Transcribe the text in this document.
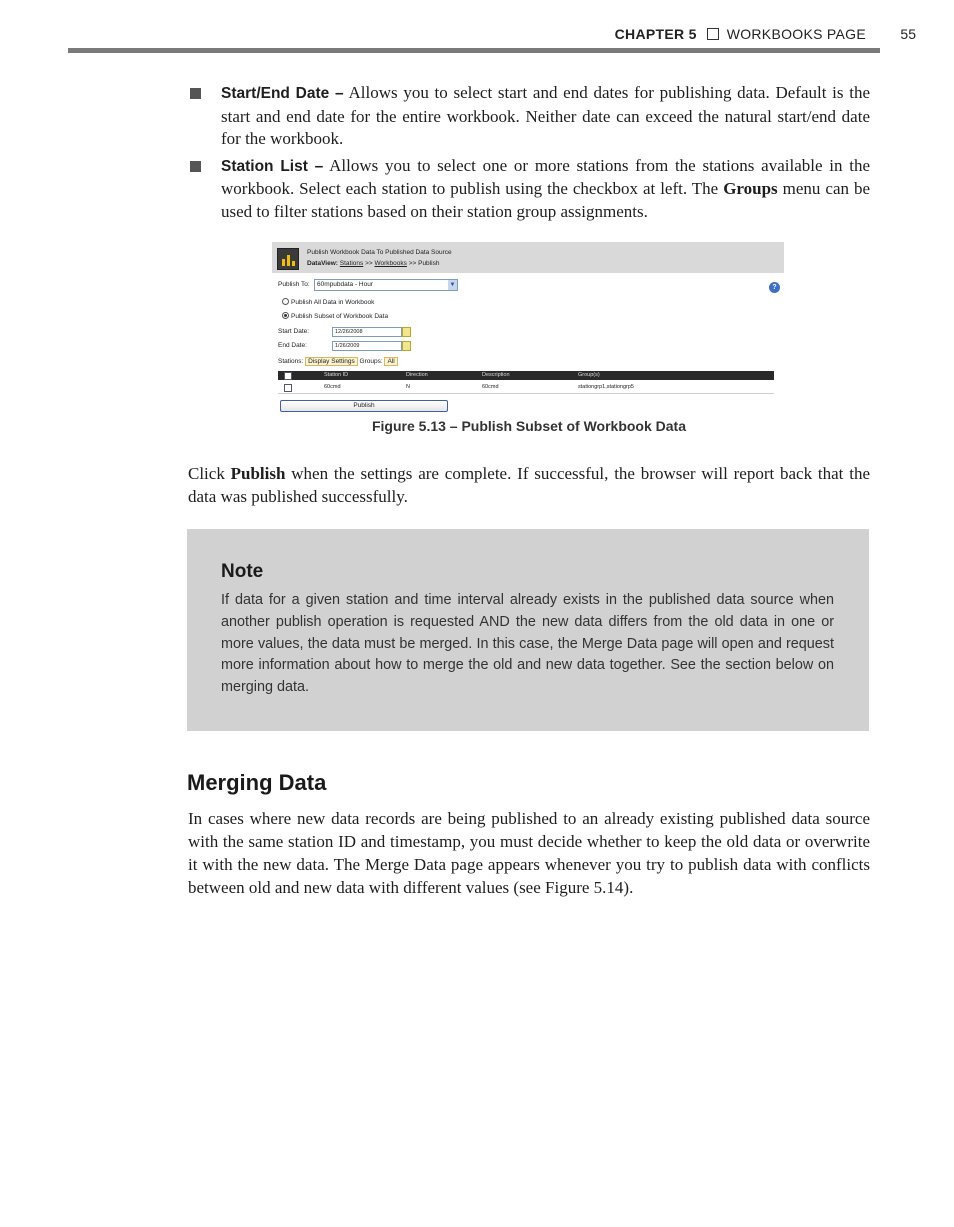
CHAPTER 5 WORKBOOKS PAGE 55
Start/End Date – Allows you to select start and end dates for publishing data. Default is the start and end date for the entire workbook. Neither date can exceed the natural start/end date for the workbook.
Station List – Allows you to select one or more stations from the stations available in the workbook. Select each station to publish using the checkbox at left. The Groups menu can be used to filter stations based on their station group assignments.
Publish Workbook Data To Published Data Source
DataView: Stations >> Workbooks >> Publish
Publish To: 60mpubdata - Hour	▼	?
Publish All Data in Workbook
Publish Subset of Workbook Data
Start Date:	12/26/2008
End Date:	1/26/2009
Stations: Display Settings Groups: All
Station ID	Direction	Description	Group(s)
60cmd	N	60cmd	stationgrp1,stationgrp5
Publish
Figure 5.13 – Publish Subset of Workbook Data
Click Publish when the settings are complete. If successful, the browser will report back that the data was published successfully.
Note
If data for a given station and time interval already exists in the published data source when another publish operation is requested AND the new data differs from the old data in one or more values, the data must be merged. In this case, the Merge Data page will open and request more information about how to merge the old and new data together. See the section below on merging data.
Merging Data
In cases where new data records are being published to an already existing published data source with the same station ID and timestamp, you must decide whether to keep the old data or overwrite it with the new data. The Merge Data page appears whenever you try to publish data with conflicts between old and new data with different values (see Figure 5.14).
